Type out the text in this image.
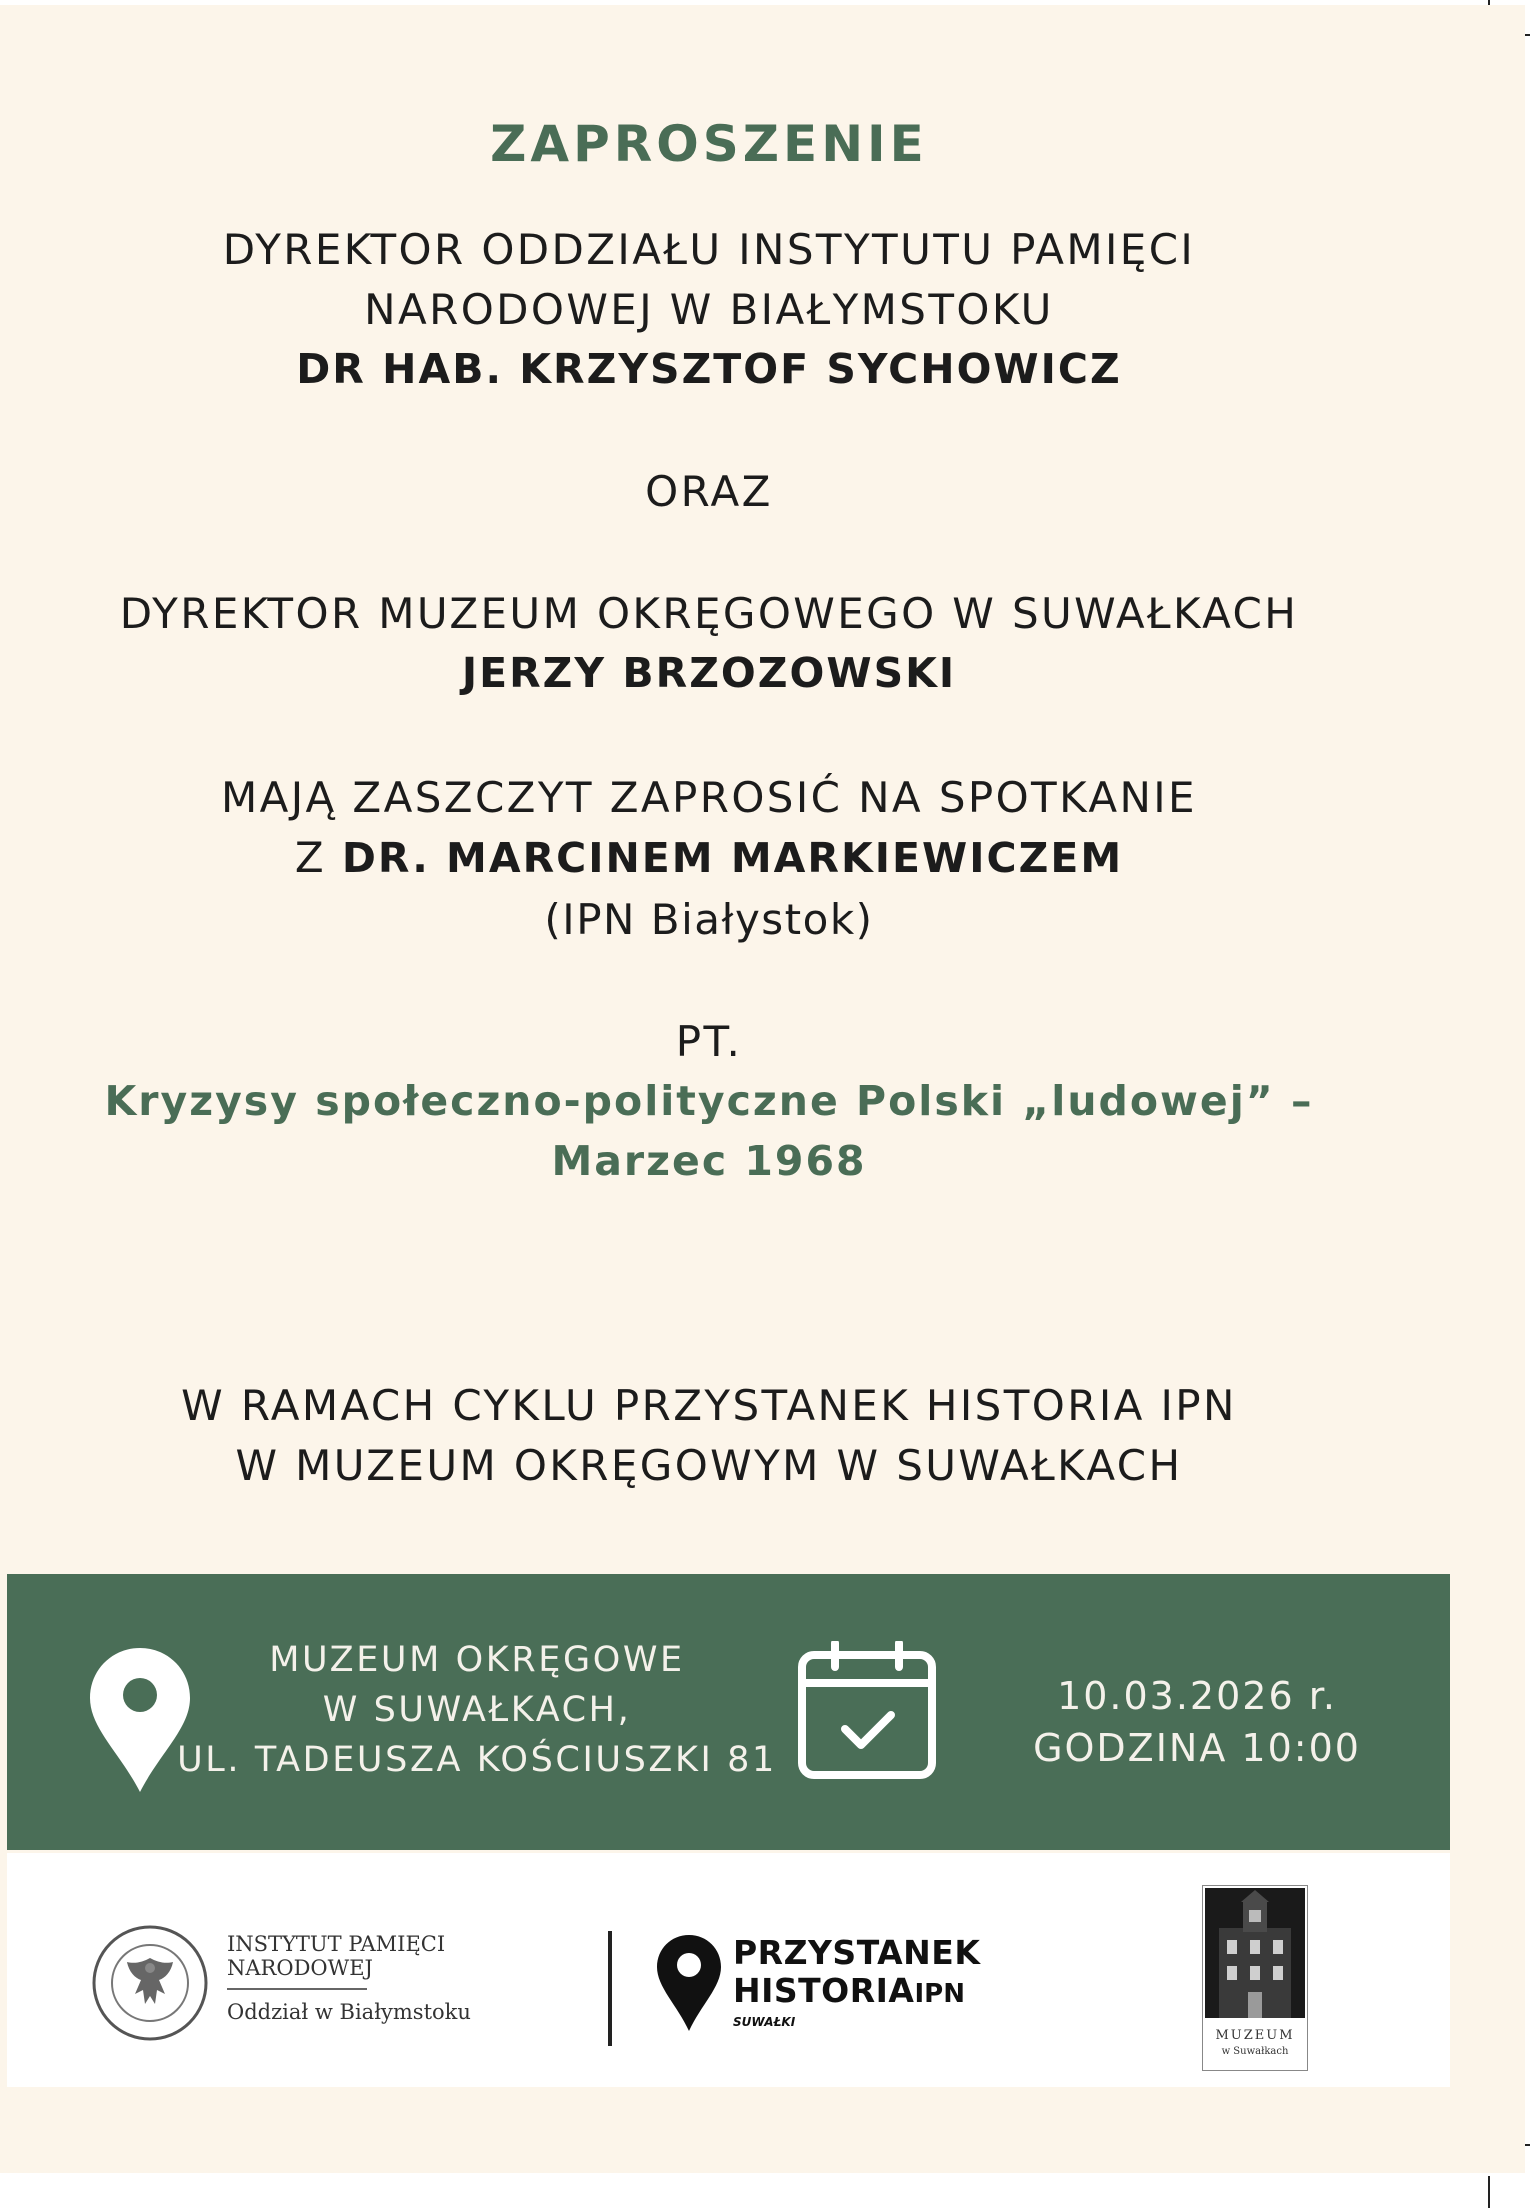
ZAPROSZENIE
DYREKTOR ODDZIAŁU INSTYTUTU PAMIĘCI
NARODOWEJ W BIAŁYMSTOKU
DR HAB. KRZYSZTOF SYCHOWICZ
ORAZ
DYREKTOR MUZEUM OKRĘGOWEGO W SUWAŁKACH
JERZY BRZOZOWSKI
MAJĄ ZASZCZYT ZAPROSIĆ NA SPOTKANIE
Z DR. MARCINEM MARKIEWICZEM
(IPN Białystok)
PT.
Kryzysy społeczno-polityczne Polski „ludowej” –
Marzec 1968
W RAMACH CYKLU PRZYSTANEK HISTORIA IPN
W MUZEUM OKRĘGOWYM W SUWAŁKACH
MUZEUM OKRĘGOWE
W SUWAŁKACH,
UL. TADEUSZA KOŚCIUSZKI 81
10.03.2026 r.
GODZINA 10:00
INSTYTUT PAMIĘCI
NARODOWEJ
Oddział w Białymstoku
PRZYSTANEK
HISTORIAIPN
SUWAŁKI
MUZEUM
w Suwałkach
